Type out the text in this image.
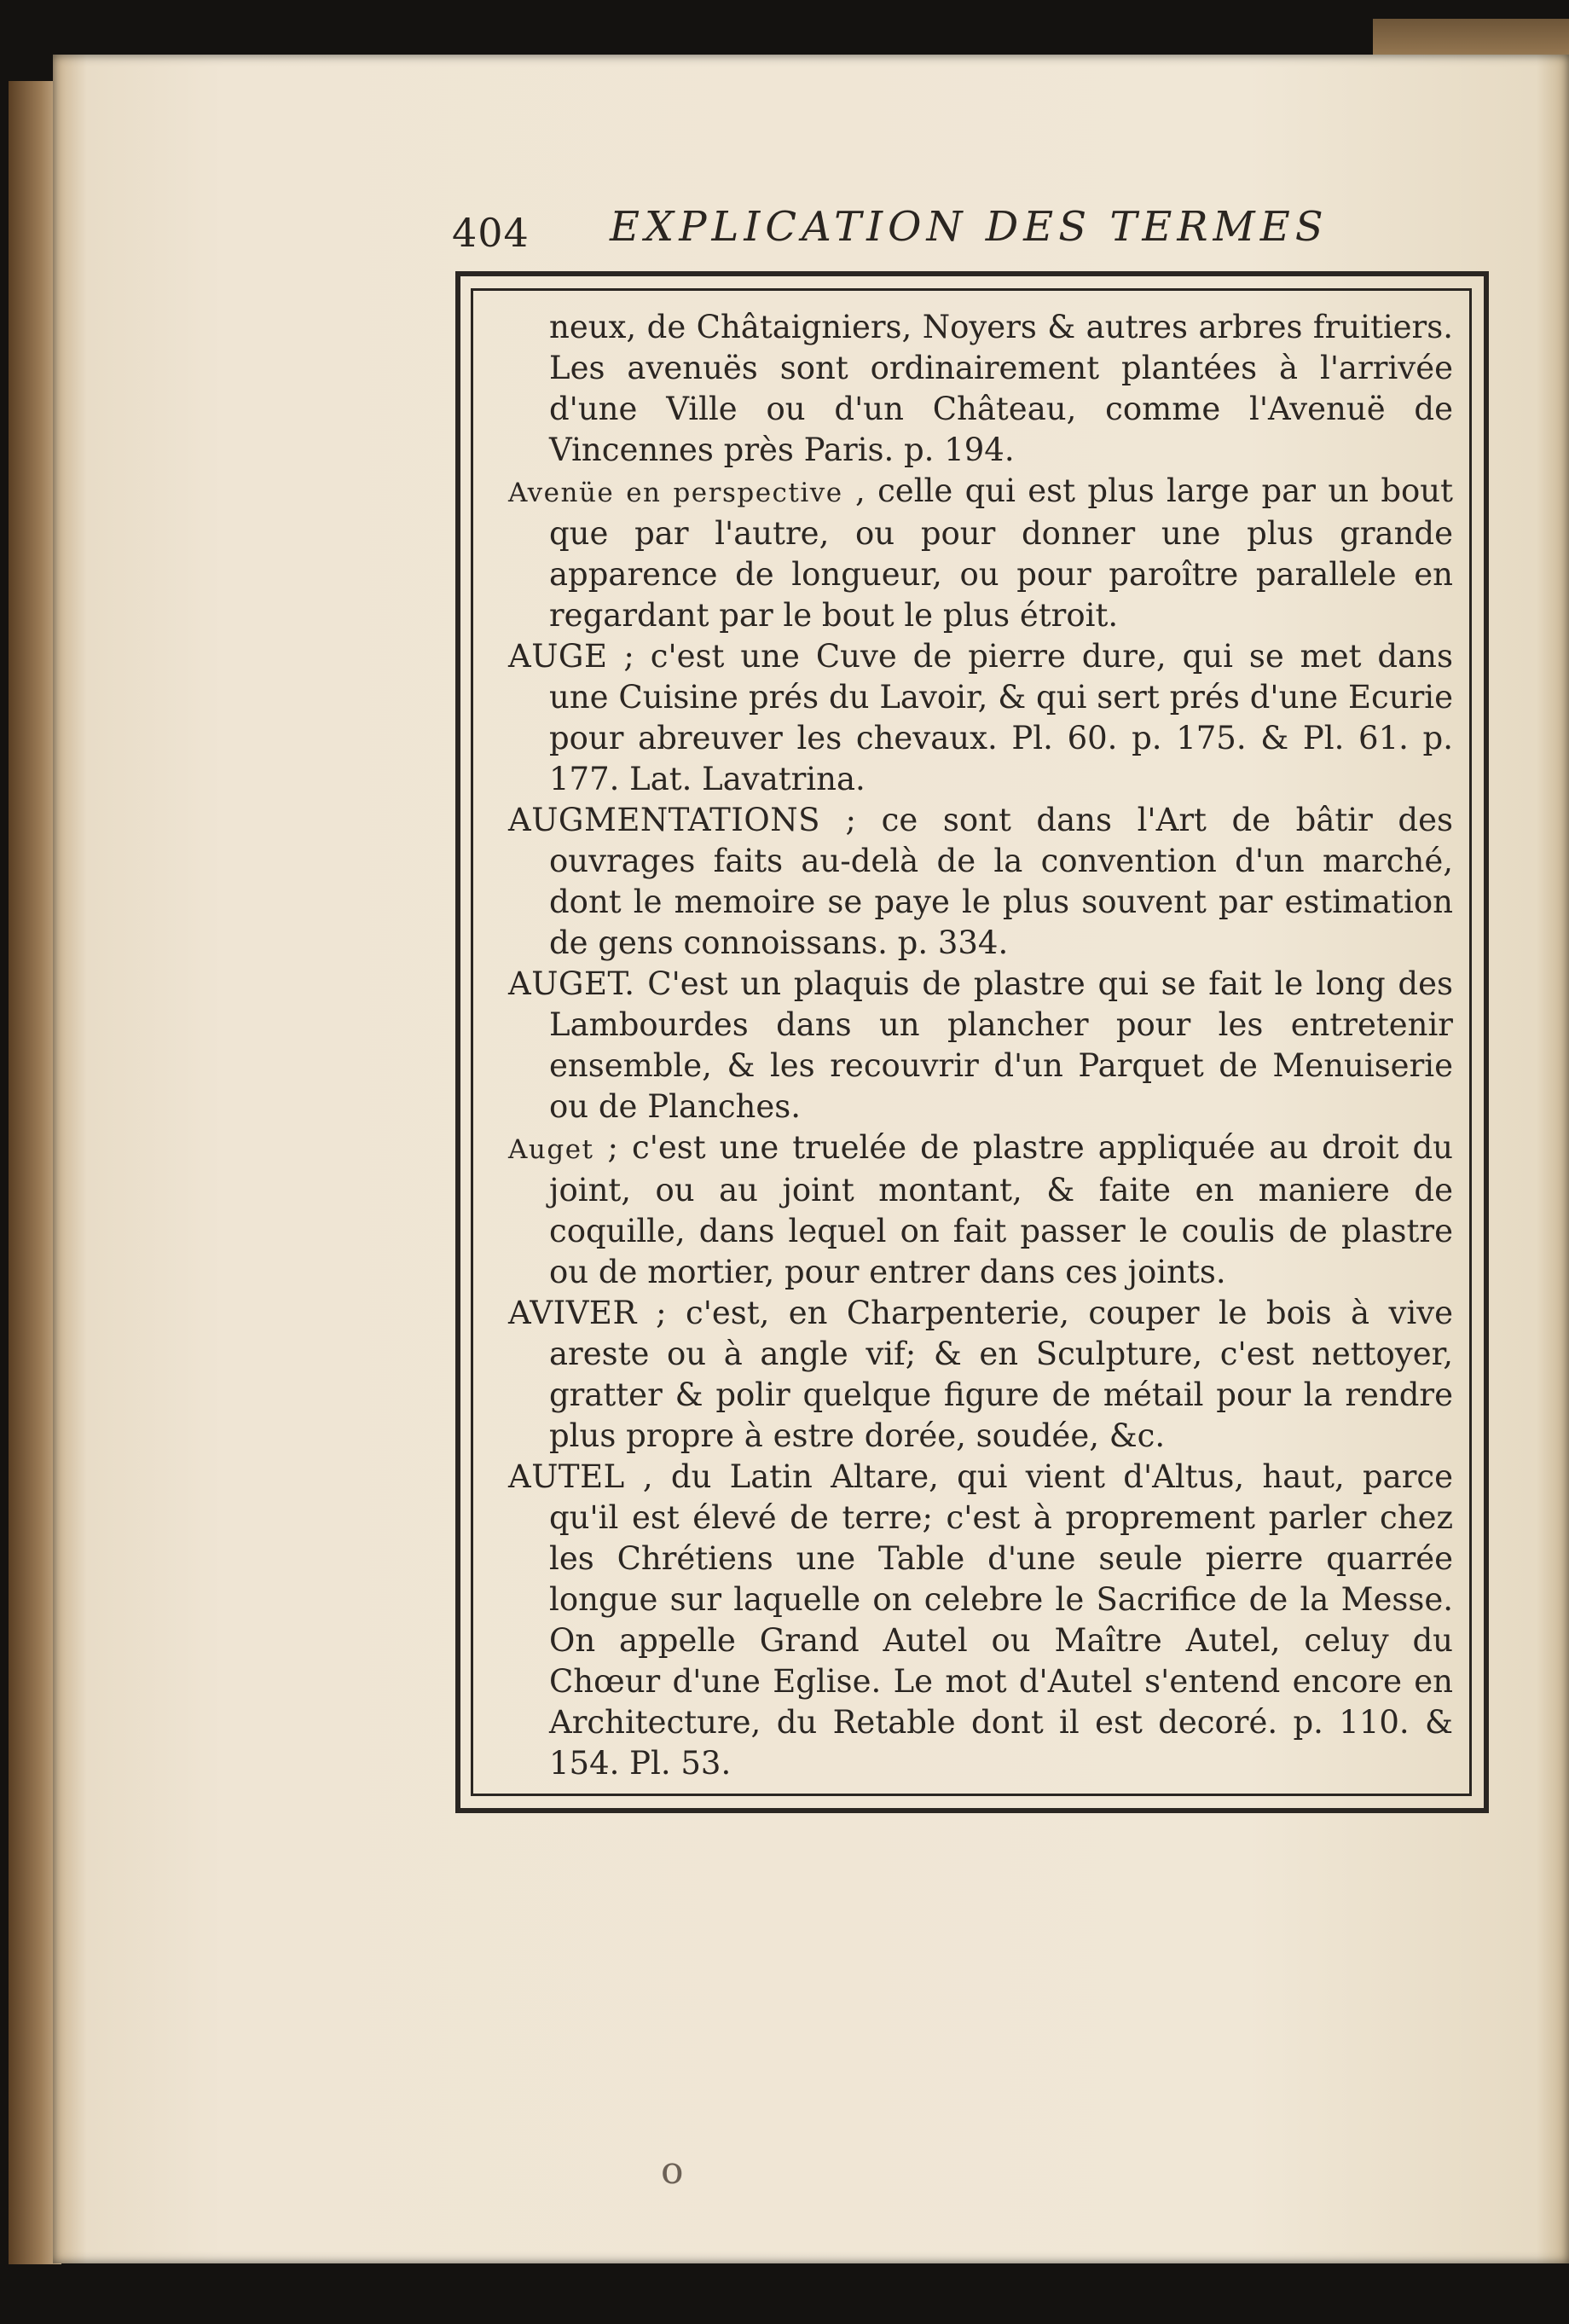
404 EXPLICATION DES TERMES

neux, de Châtaigniers, Noyers & autres arbres fruitiers. Les avenuës sont ordinairement plantées à l'arrivée d'une Ville ou d'un Château, comme l'Avenuë de Vincennes près Paris. p. 194.

Avenüe en perspective , celle qui est plus large par un bout que par l'autre, ou pour donner une plus grande apparence de longueur, ou pour paroître parallele en regardant par le bout le plus étroit.

AUGE ; c'est une Cuve de pierre dure, qui se met dans une Cuisine prés du Lavoir, & qui sert prés d'une Ecurie pour abreuver les chevaux. Pl. 60. p. 175. & Pl. 61. p. 177. Lat. Lavatrina.

AUGMENTATIONS ; ce sont dans l'Art de bâtir des ouvrages faits au-delà de la convention d'un marché, dont le memoire se paye le plus souvent par estimation de gens connoissans. p. 334.

AUGET. C'est un plaquis de plastre qui se fait le long des Lambourdes dans un plancher pour les entretenir ensemble, & les recouvrir d'un Parquet de Menuiserie ou de Planches.

Auget ; c'est une truelée de plastre appliquée au droit du joint, ou au joint montant, & faite en maniere de coquille, dans lequel on fait passer le coulis de plastre ou de mortier, pour entrer dans ces joints.

AVIVER ; c'est, en Charpenterie, couper le bois à vive areste ou à angle vif; & en Sculpture, c'est nettoyer, gratter & polir quelque figure de métail pour la rendre plus propre à estre dorée, soudée, &c.

AUTEL , du Latin Altare, qui vient d'Altus, haut, parce qu'il est élevé de terre; c'est à proprement parler chez les Chrétiens une Table d'une seule pierre quarrée longue sur laquelle on celebre le Sacrifice de la Messe. On appelle Grand Autel ou Maître Autel, celuy du Chœur d'une Eglise. Le mot d'Autel s'entend encore en Architecture, du Retable dont il est decoré. p. 110. & 154. Pl. 53.

o
